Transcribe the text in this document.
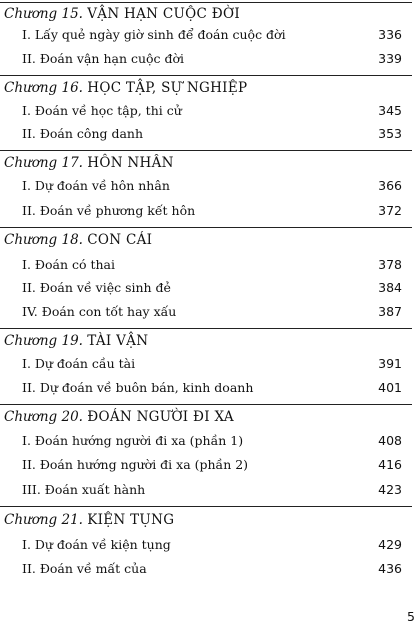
Chương 15. VẬN HẠN CUỘC ĐỜI
I. Lấy quẻ ngày giờ sinh để đoán cuộc đời	336
II. Đoán vận hạn cuộc đời	339
Chương 16. HỌC TẬP, SỰ NGHIỆP
I. Đoán về học tập, thi cử	345
II. Đoán công danh	353
Chương 17. HÔN NHÂN
I. Dự đoán về hôn nhân	366
II. Đoán về phương kết hôn	372
Chương 18. CON CÁI
I. Đoán có thai	378
II. Đoán về việc sinh đẻ	384
IV. Đoán con tốt hay xấu	387
Chương 19. TÀI VẬN
I. Dự đoán cầu tài	391
II. Dự đoán về buôn bán, kinh doanh	401
Chương 20. ĐOÁN NGƯỜI ĐI XA
I. Đoán hướng người đi xa (phần 1)	408
II. Đoán hướng người đi xa (phần 2)	416
III. Đoán xuất hành	423
Chương 21. KIỆN TỤNG
I. Dự đoán về kiện tụng	429
II. Đoán về mất của	436
5
